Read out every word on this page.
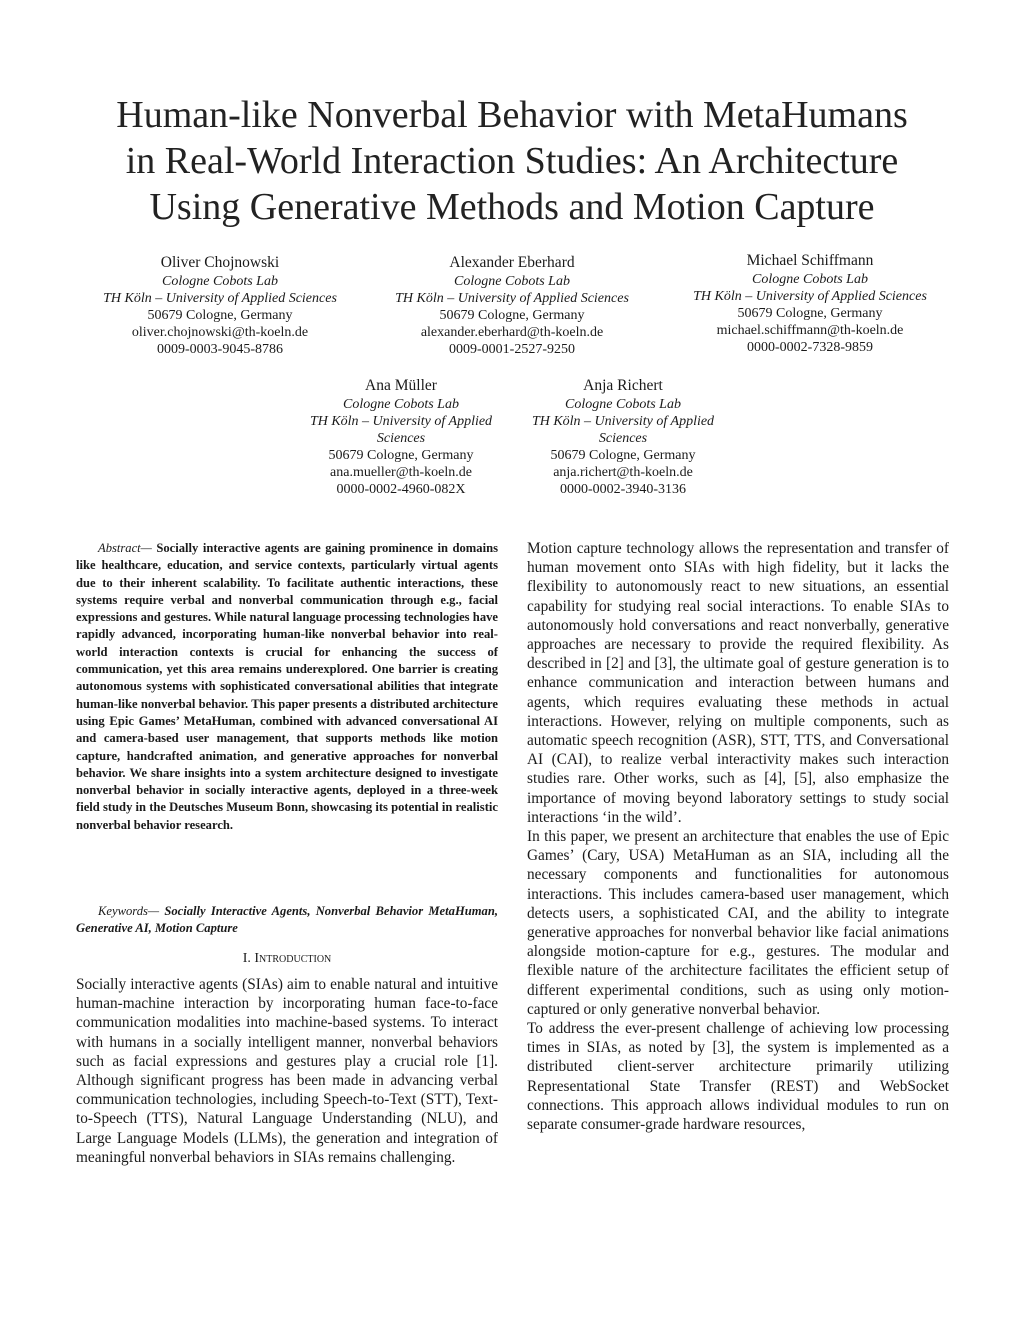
Human-like Nonverbal Behavior with MetaHumans
in Real-World Interaction Studies: An Architecture
Using Generative Methods and Motion Capture
Oliver Chojnowski
Cologne Cobots Lab
TH Köln – University of Applied Sciences
50679 Cologne, Germany
oliver.chojnowski@th-koeln.de
0009-0003-9045-8786
Alexander Eberhard
Cologne Cobots Lab
TH Köln – University of Applied Sciences
50679 Cologne, Germany
alexander.eberhard@th-koeln.de
0009-0001-2527-9250
Michael Schiffmann
Cologne Cobots Lab
TH Köln – University of Applied Sciences
50679 Cologne, Germany
michael.schiffmann@th-koeln.de
0000-0002-7328-9859
Ana Müller
Cologne Cobots Lab
TH Köln – University of Applied
Sciences
50679 Cologne, Germany
ana.mueller@th-koeln.de
0000-0002-4960-082X
Anja Richert
Cologne Cobots Lab
TH Köln – University of Applied
Sciences
50679 Cologne, Germany
anja.richert@th-koeln.de
0000-0002-3940-3136
Abstract— Socially interactive agents are gaining prominence in domains like healthcare, education, and service contexts, particularly virtual agents due to their inherent scalability. To facilitate authentic interactions, these systems require verbal and nonverbal communication through e.g., facial expressions and gestures. While natural language processing technologies have rapidly advanced, incorporating human-like nonverbal behavior into real-world interaction contexts is crucial for enhancing the success of communication, yet this area remains underexplored. One barrier is creating autonomous systems with sophisticated conversational abilities that integrate human-like nonverbal behavior. This paper presents a distributed architecture using Epic Games’ MetaHuman, combined with advanced conversational AI and camera-based user management, that supports methods like motion capture, handcrafted animation, and generative approaches for nonverbal behavior. We share insights into a system architecture designed to investigate nonverbal behavior in socially interactive agents, deployed in a three-week field study in the Deutsches Museum Bonn, showcasing its potential in realistic nonverbal behavior research.
Keywords— Socially Interactive Agents, Nonverbal Behavior MetaHuman, Generative AI, Motion Capture
I. Introduction
Socially interactive agents (SIAs) aim to enable natural and intuitive human-machine interaction by incorporating human face-to-face communication modalities into machine-based systems. To interact with humans in a socially intelligent manner, nonverbal behaviors such as facial expressions and gestures play a crucial role [1]. Although significant progress has been made in advancing verbal communication technologies, including Speech-to-Text (STT), Text-to-Speech (TTS), Natural Language Understanding (NLU), and Large Language Models (LLMs), the generation and integration of meaningful nonverbal behaviors in SIAs remains challenging.

Motion capture technology allows the representation and transfer of human movement onto SIAs with high fidelity, but it lacks the flexibility to autonomously react to new situations, an essential capability for studying real social interactions. To enable SIAs to autonomously hold conversations and react nonverbally, generative approaches are necessary to provide the required flexibility. As described in [2] and [3], the ultimate goal of gesture generation is to enhance communication and interaction between humans and agents, which requires evaluating these methods in actual interactions. However, relying on multiple components, such as automatic speech recognition (ASR), STT, TTS, and Conversational AI (CAI), to realize verbal interactivity makes such interaction studies rare. Other works, such as [4], [5], also emphasize the importance of moving beyond laboratory settings to study social interactions ‘in the wild’.

In this paper, we present an architecture that enables the use of Epic Games’ (Cary, USA) MetaHuman as an SIA, including all the necessary components and functionalities for autonomous interactions. This includes camera-based user management, which detects users, a sophisticated CAI, and the ability to integrate generative approaches for nonverbal behavior like facial animations alongside motion-capture for e.g., gestures. The modular and flexible nature of the architecture facilitates the efficient setup of different experimental conditions, such as using only motion-captured or only generative nonverbal behavior.

To address the ever-present challenge of achieving low processing times in SIAs, as noted by [3], the system is implemented as a distributed client-server architecture primarily utilizing Representational State Transfer (REST) and WebSocket connections. This approach allows individual modules to run on separate consumer-grade hardware resources,
